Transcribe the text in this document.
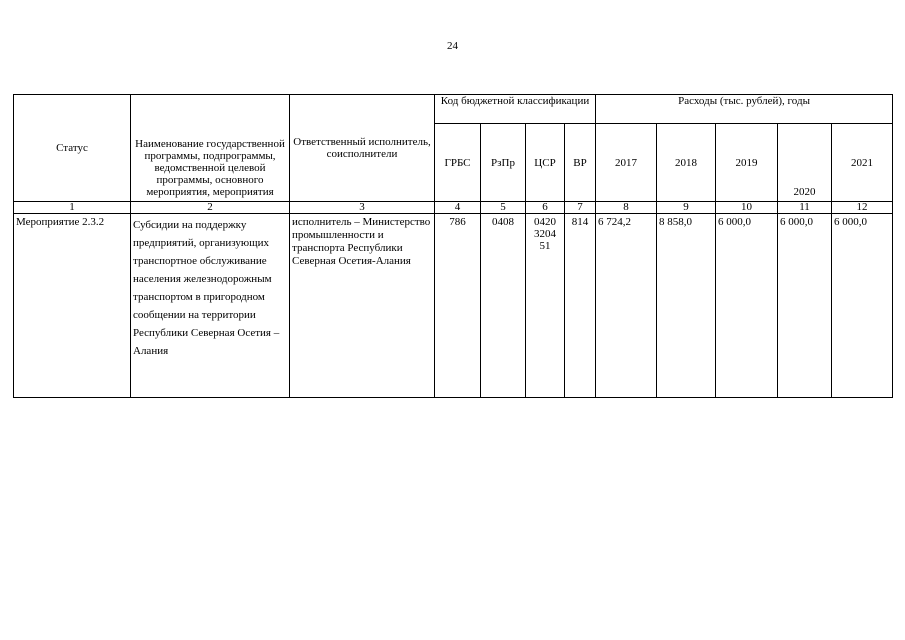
24
Статус	Наименование государственной программы, подпрограммы, ведомственной целевой программы, основного мероприятия, мероприятия	Ответственный исполнитель, соисполнители	Код бюджетной классификации				Расходы (тыс. рублей), годы				
			ГРБС	РзПр	ЦСР	ВР	2017	2018	2019	2020	2021
1	2	3	4	5	6	7	8	9	10	11	12
Мероприятие 2.3.2	Субсидии на поддержку предприятий, организующих транспортное обслуживание населения железнодорожным транспортом в пригородном сообщении на территории Республики Северная Осетия – Алания	исполнитель – Министерство промышленности и транспорта Республики Северная Осетия-Алания	786	0408	0420
3204
51	814	6 724,2	8 858,0	6 000,0	6 000,0	6 000,0
